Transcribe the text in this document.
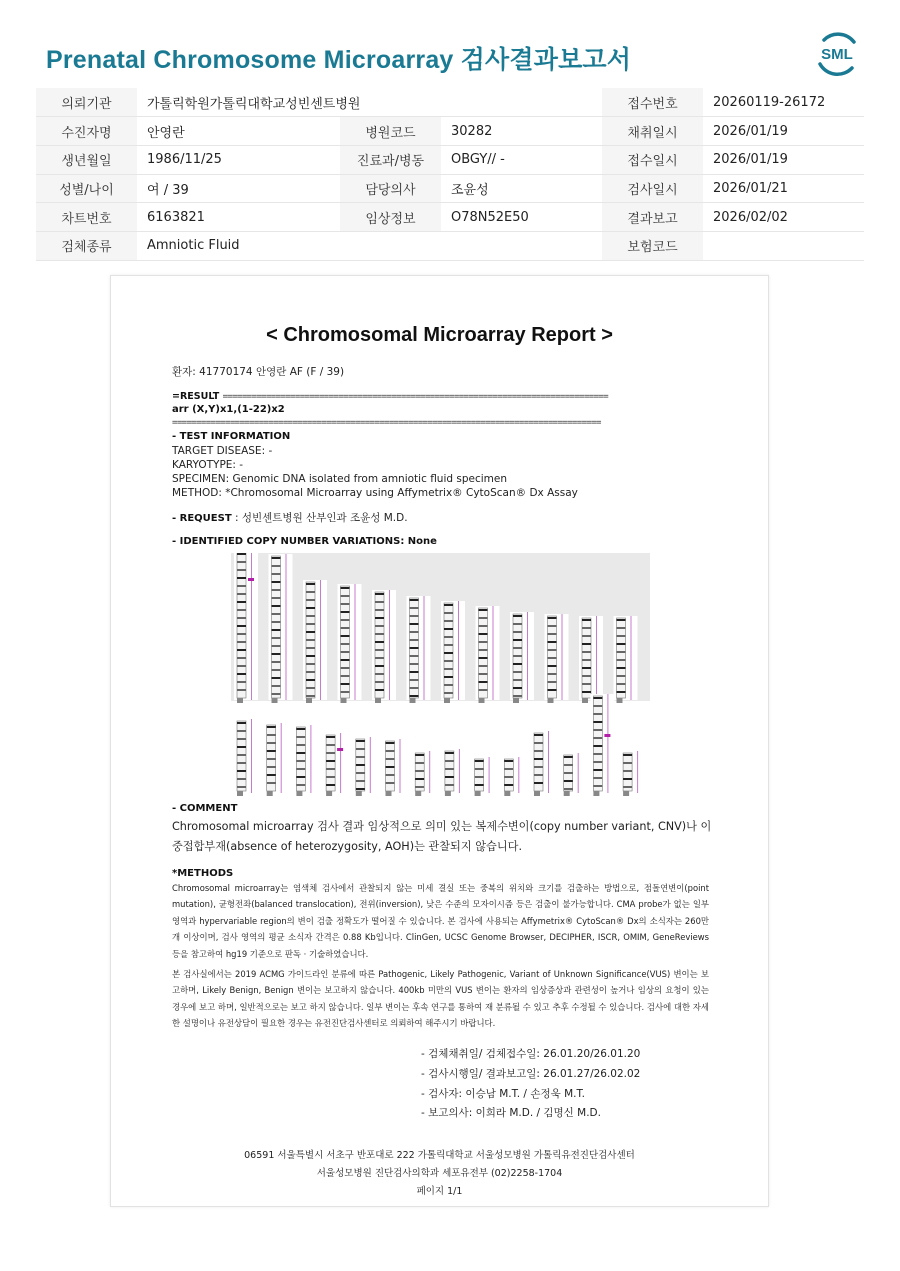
Prenatal Chromosome Microarray 검사결과보고서	SML
의뢰기관	가톨릭학원가톨릭대학교성빈센트병원			접수번호	20260119-26172
수진자명	안영란	병원코드	30282	채취일시	2026/01/19
생년월일	1986/11/25	진료과/병동	OBGY// -	접수일시	2026/01/19
성별/나이	여 / 39	담당의사	조윤성	검사일시	2026/01/21
차트번호	6163821	임상정보	O78N52E50	결과보고	2026/02/02
검체종류	Amniotic Fluid			보험코드	
< Chromosomal Microarray Report >
환자: 41770174 안영란 AF (F / 39)
=RESULT ================================================================================
arr (X,Y)x1,(1-22)x2
=========================================================================================
- TEST INFORMATION
TARGET DISEASE: -
KARYOTYPE: -
SPECIMEN: Genomic DNA isolated from amniotic fluid specimen
METHOD: *Chromosomal Microarray using Affymetrix® CytoScan® Dx Assay
- REQUEST : 성빈센트병원 산부인과 조윤성 M.D.
- IDENTIFIED COPY NUMBER VARIATIONS: None
- COMMENT
Chromosomal microarray 검사 결과 임상적으로 의미 있는 복제수변이(copy number variant, CNV)나 이중접합부재(absence of heterozygosity, AOH)는 관찰되지 않습니다.
*METHODS
Chromosomal microarray는 염색체 검사에서 관찰되지 않는 미세 결실 또는 중복의 위치와 크기를 검출하는 방법으로, 점돌연변이(point mutation), 균형전좌(balanced translocation), 전위(inversion), 낮은 수준의 모자이시즘 등은 검출이 불가능합니다. CMA probe가 없는 일부 영역과 hypervariable region의 변이 검출 정확도가 떨어질 수 있습니다. 본 검사에 사용되는 Affymetrix® CytoScan® Dx의 소식자는 260만개 이상이며, 검사 영역의 평균 소식자 간격은 0.88 Kb입니다. ClinGen, UCSC Genome Browser, DECIPHER, ISCR, OMIM, GeneReviews 등을 참고하여 hg19 기준으로 판독 · 기술하였습니다.
본 검사실에서는 2019 ACMG 가이드라인 분류에 따른 Pathogenic, Likely Pathogenic, Variant of Unknown Significance(VUS) 변이는 보고하며, Likely Benign, Benign 변이는 보고하지 않습니다. 400kb 미만의 VUS 변이는 환자의 임상증상과 관련성이 높거나 임상의 요청이 있는 경우에 보고 하며, 일반적으로는 보고 하지 않습니다. 일부 변이는 후속 연구를 통하여 재 분류될 수 있고 추후 수정될 수 있습니다. 검사에 대한 자세한 설명이나 유전상담이 필요한 경우는 유전진단검사센터로 의뢰하여 해주시기 바랍니다.
- 검체채취일/ 검체접수일: 26.01.20/26.01.20
- 검사시행일/ 결과보고일: 26.01.27/26.02.02
- 검사자: 이승남 M.T. / 손정욱 M.T.
- 보고의사: 이희라 M.D. / 김명신 M.D.
06591 서울특별시 서초구 반포대로 222 가톨릭대학교 서울성모병원 가톨릭유전진단검사센터
서울성모병원 진단검사의학과 세포유전부 (02)2258-1704
페이지 1/1
